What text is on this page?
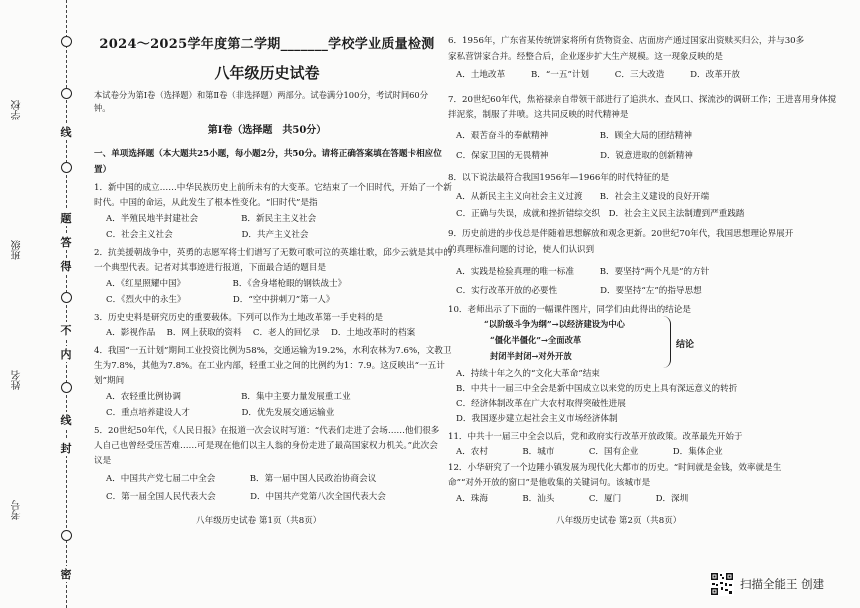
线
题
答
得
不
内
线
封
密
学校
班级
姓名
考号
2024～2025学年度第二学期_______学校学业质量检测
八年级历史试卷
本试卷分为第Ⅰ卷（选择题）和第Ⅱ卷（非选择题）两部分。试卷满分100分，考试时间60分
钟。
第Ⅰ卷（选择题　共50分）
一、单项选择题（本大题共25小题，每小题2分，共50分。请将正确答案填在答题卡相应位
置）
1．新中国的成立……中华民族历史上前所未有的大变革。它结束了一个旧时代，开始了一个新
时代。中国的命运，从此发生了根本性变化。“旧时代”是指
A．半殖民地半封建社会　　　　　B．新民主主义社会
C．社会主义社会　　　　　　　　D．共产主义社会
2．抗美援朝战争中，英勇的志愿军将士们谱写了无数可歌可泣的英雄壮歌，邱少云就是其中的
一个典型代表。记者对其事迹进行报道，下面最合适的题目是
A．《红星照耀中国》　　　　　　B．《舍身堵枪眼的钢铁战士》
C．《烈火中的永生》　　　　　　D．“空中拼刺刀”第一人》
3．历史史料是研究历史的重要载体。下列可以作为土地改革第一手史料的是
A．影视作品　 B．网上获取的资料　 C．老人的回忆录　 D．土地改革时的档案
4．我国“一五计划”期间工业投资比例为58%，交通运输为19.2%，水利农林为7.6%，文教卫
生为7.8%，其他为7.8%。在工业内部，轻重工业之间的比例约为1：7.9。这反映出“一五计
划”期间
A．农轻重比例协调　　　　　　　B．集中主要力量发展重工业
C．重点培养建设人才　　　　　　D．优先发展交通运输业
5．20世纪50年代，《人民日报》在报道一次会议时写道：“代表们走进了会场……他们很多
人自己也曾经受压苦难……可是现在他们以主人翁的身份走进了最高国家权力机关。”此次会
议是
A．中国共产党七届二中全会　　　　B．第一届中国人民政治协商会议
C．第一届全国人民代表大会　　　　D．中国共产党第八次全国代表大会
八年级历史试卷 第1页（共8页）
6．1956年，广东省某传统饼家将所有货物资金、店面房产通过国家出资赎买归公，并与30多
家私营饼家合并。经整合后，企业逐步扩大生产规模。这一现象反映的是
A．土地改革　　　B．“一五”计划　　　C．三大改造　　　D．改革开放
7．20世纪60年代，焦裕禄亲自带领干部进行了追洪水、查风口、探流沙的调研工作；王进喜用身体搅
拌泥浆，制服了井喷。这共同反映的时代精神是
A．艰苦奋斗的奉献精神　　　　　　B．顾全大局的团结精神
C．保家卫国的无畏精神　　　　　　D．锐意进取的创新精神
8．以下说法最符合我国1956年—1966年的时代特征的是
A．从新民主主义向社会主义过渡　　B．社会主义建设的良好开端
C．正确与失误，成就和挫折错综交织　D．社会主义民主法制遭到严重践踏
9．历史前进的步伐总是伴随着思想解放和观念更新。20世纪70年代，我国思想理论界展开
的真理标准问题的讨论，使人们认识到
A．实践是检验真理的唯一标准　　　B．要坚持“两个凡是”的方针
C．实行改革开放的必要性　　　　　D．要坚持“左”的指导思想
10．老师出示了下面的一幅课件图片，同学们由此得出的结论是
A．持续十年之久的“文化大革命”结束
B．中共十一届三中全会是新中国成立以来党的历史上具有深远意义的转折
C．经济体制改革在广大农村取得突破性进展
D．我国逐步建立起社会主义市场经济体制
11．中共十一届三中全会以后，党和政府实行改革开放政策。改革最先开始于
A．农村　　　　B．城市　　　　C．国有企业　　　　D．集体企业
12．小华研究了一个边陲小镇发展为现代化大都市的历史。“时间就是金钱，效率就是生
命”“对外开放的窗口”是他收集的关键词句。该城市是
A．珠海　　　　B．汕头　　　　C．厦门　　　　D．深圳
八年级历史试卷 第2页（共8页）
“以阶级斗争为纲”→以经济建设为中心
“僵化半僵化”→全面改革
封闭半封闭→对外开放
结论
扫描全能王 创建
